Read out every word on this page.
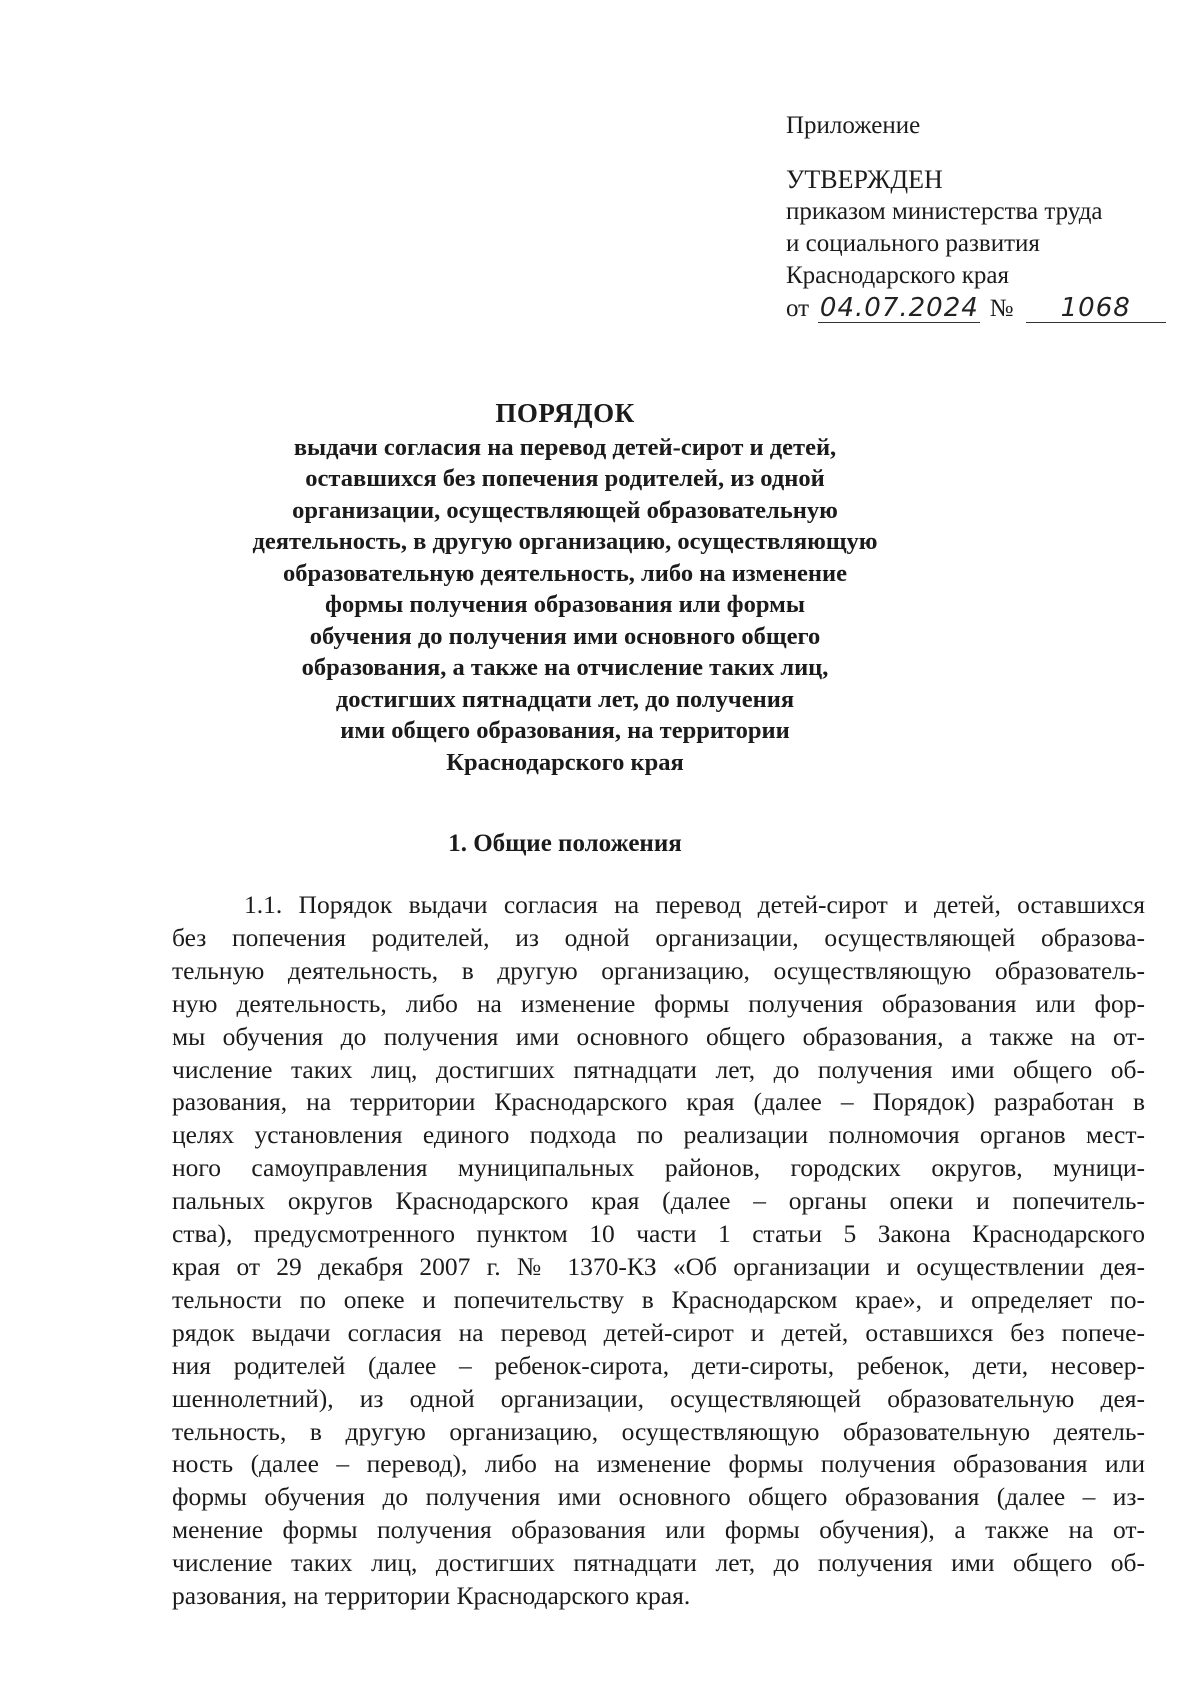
Приложение
УТВЕРЖДЕН
приказом министерства труда
и социального развития
Краснодарского края
от 04.07.2024 № 1068
ПОРЯДОК
выдачи согласия на перевод детей-сирот и детей,
оставшихся без попечения родителей, из одной
организации, осуществляющей образовательную
деятельность, в другую организацию, осуществляющую
образовательную деятельность, либо на изменение
формы получения образования или формы
обучения до получения ими основного общего
образования, а также на отчисление таких лиц,
достигших пятнадцати лет, до получения
ими общего образования, на территории
Краснодарского края
1. Общие положения
1.1. Порядок выдачи согласия на перевод детей-сирот и детей, оставшихся
без попечения родителей, из одной организации, осуществляющей образова-
тельную деятельность, в другую организацию, осуществляющую образователь-
ную деятельность, либо на изменение формы получения образования или фор-
мы обучения до получения ими основного общего образования, а также на от-
числение таких лиц, достигших пятнадцати лет, до получения ими общего об-
разования, на территории Краснодарского края (далее – Порядок) разработан в
целях установления единого подхода по реализации полномочия органов мест-
ного самоуправления муниципальных районов, городских округов, муници-
пальных округов Краснодарского края (далее – органы опеки и попечитель-
ства), предусмотренного пунктом 10 части 1 статьи 5 Закона Краснодарского
края от 29 декабря 2007 г. № 1370-КЗ «Об организации и осуществлении дея-
тельности по опеке и попечительству в Краснодарском крае», и определяет по-
рядок выдачи согласия на перевод детей-сирот и детей, оставшихся без попече-
ния родителей (далее – ребенок-сирота, дети-сироты, ребенок, дети, несовер-
шеннолетний), из одной организации, осуществляющей образовательную дея-
тельность, в другую организацию, осуществляющую образовательную деятель-
ность (далее – перевод), либо на изменение формы получения образования или
формы обучения до получения ими основного общего образования (далее – из-
менение формы получения образования или формы обучения), а также на от-
числение таких лиц, достигших пятнадцати лет, до получения ими общего об-
разования, на территории Краснодарского края.
